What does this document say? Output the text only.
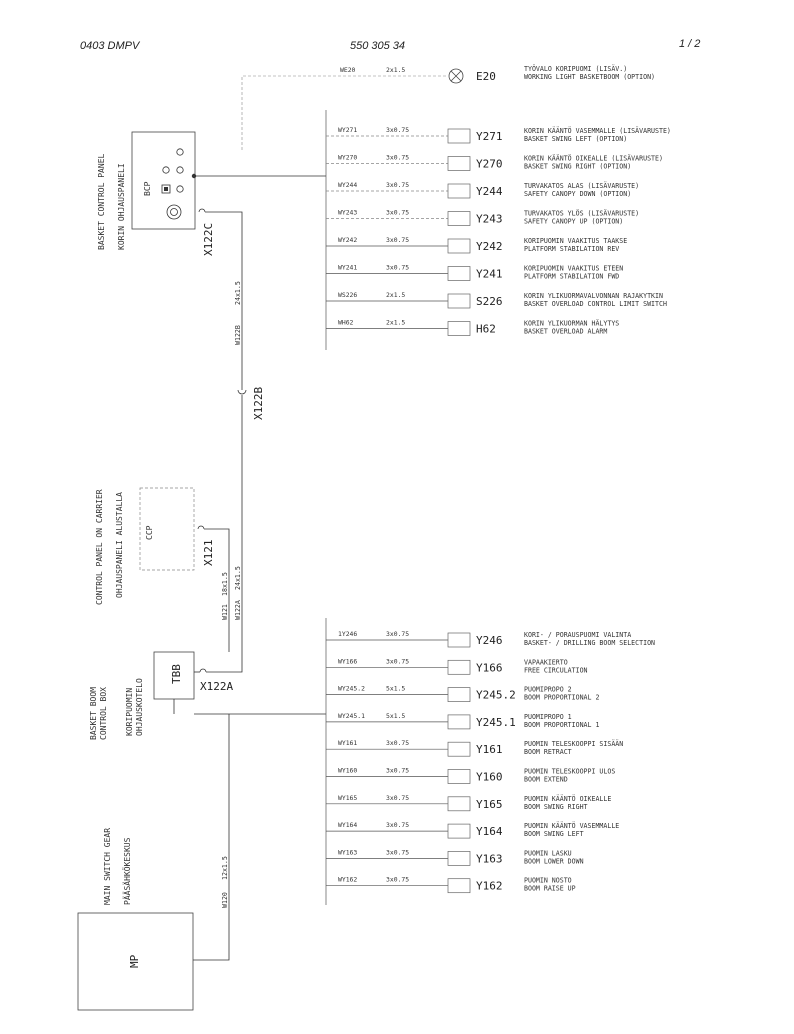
0403 DMPV	550 305 34	1 / 2
BCP
BASKET CONTROL PANEL KORIN OHJAUSPANELI	X122C
W122B
24x1.5
X122B
W122A
24x1.5
CCP
CONTROL PANEL ON CARRIER OHJAUSPANELI ALUSTALLA	X121
W121
18x1.5
TBB
X122A
BASKET BOOM CONTROL BOX KORIPUOMIN OHJAUSKOTELO
MP
MAIN SWITCH GEAR PÄÄSÄHKÖKESKUS	W120
12x1.5
WE20	2x1.5	E20
TYÖVALO KORIPUOMI (LISÄV.)
WORKING LIGHT BASKETBOOM (OPTION)
WY271	3x0.75	Y271	KORIN KÄÄNTÖ VASEMMALLE (LISÄVARUSTE)
BASKET SWING LEFT (OPTION)
WY270	3x0.75	Y270	KORIN KÄÄNTÖ OIKEALLE (LISÄVARUSTE)
BASKET SWING RIGHT (OPTION)
WY244	3x0.75	Y244	TURVAKATOS ALAS (LISÄVARUSTE)
SAFETY CANOPY DOWN (OPTION)
WY243	3x0.75	Y243	TURVAKATOS YLÖS (LISÄVARUSTE)
SAFETY CANOPY UP (OPTION)
WY242	3x0.75	Y242	KORIPUOMIN VAAKITUS TAAKSE
PLATFORM STABILATION REV
WY241	3x0.75	Y241	KORIPUOMIN VAAKITUS ETEEN
PLATFORM STABILATION FWD
WS226	2x1.5	S226	KORIN YLIKUORMAVALVONNAN RAJAKYTKIN
BASKET OVERLOAD CONTROL LIMIT SWITCH
WH62	2x1.5	H62	KORIN YLIKUORMAN HÄLYTYS
BASKET OVERLOAD ALARM
1Y246	3x0.75	Y246	KORI- / PORAUSPUOMI VALINTA
BASKET- / DRILLING BOOM SELECTION
WY166	3x0.75	Y166	VAPAAKIERTO
FREE CIRCULATION
WY245.2	5x1.5	Y245.2 PUOMIPROPO 2
BOOM PROPORTIONAL 2
WY245.1	5x1.5	Y245.1 PUOMIPROPO 1
BOOM PROPORTIONAL 1
WY161	3x0.75	Y161	PUOMIN TELESKOOPPI SISÄÄN
BOOM RETRACT
WY160	3x0.75	Y160	PUOMIN TELESKOOPPI ULOS
BOOM EXTEND
WY165	3x0.75	Y165	PUOMIN KÄÄNTÖ OIKEALLE
BOOM SWING RIGHT
WY164	3x0.75	Y164	PUOMIN KÄÄNTÖ VASEMMALLE
BOOM SWING LEFT
WY163	3x0.75	Y163	PUOMIN LASKU
BOOM LOWER DOWN
WY162	3x0.75	Y162	PUOMIN NOSTO
BOOM RAISE UP
